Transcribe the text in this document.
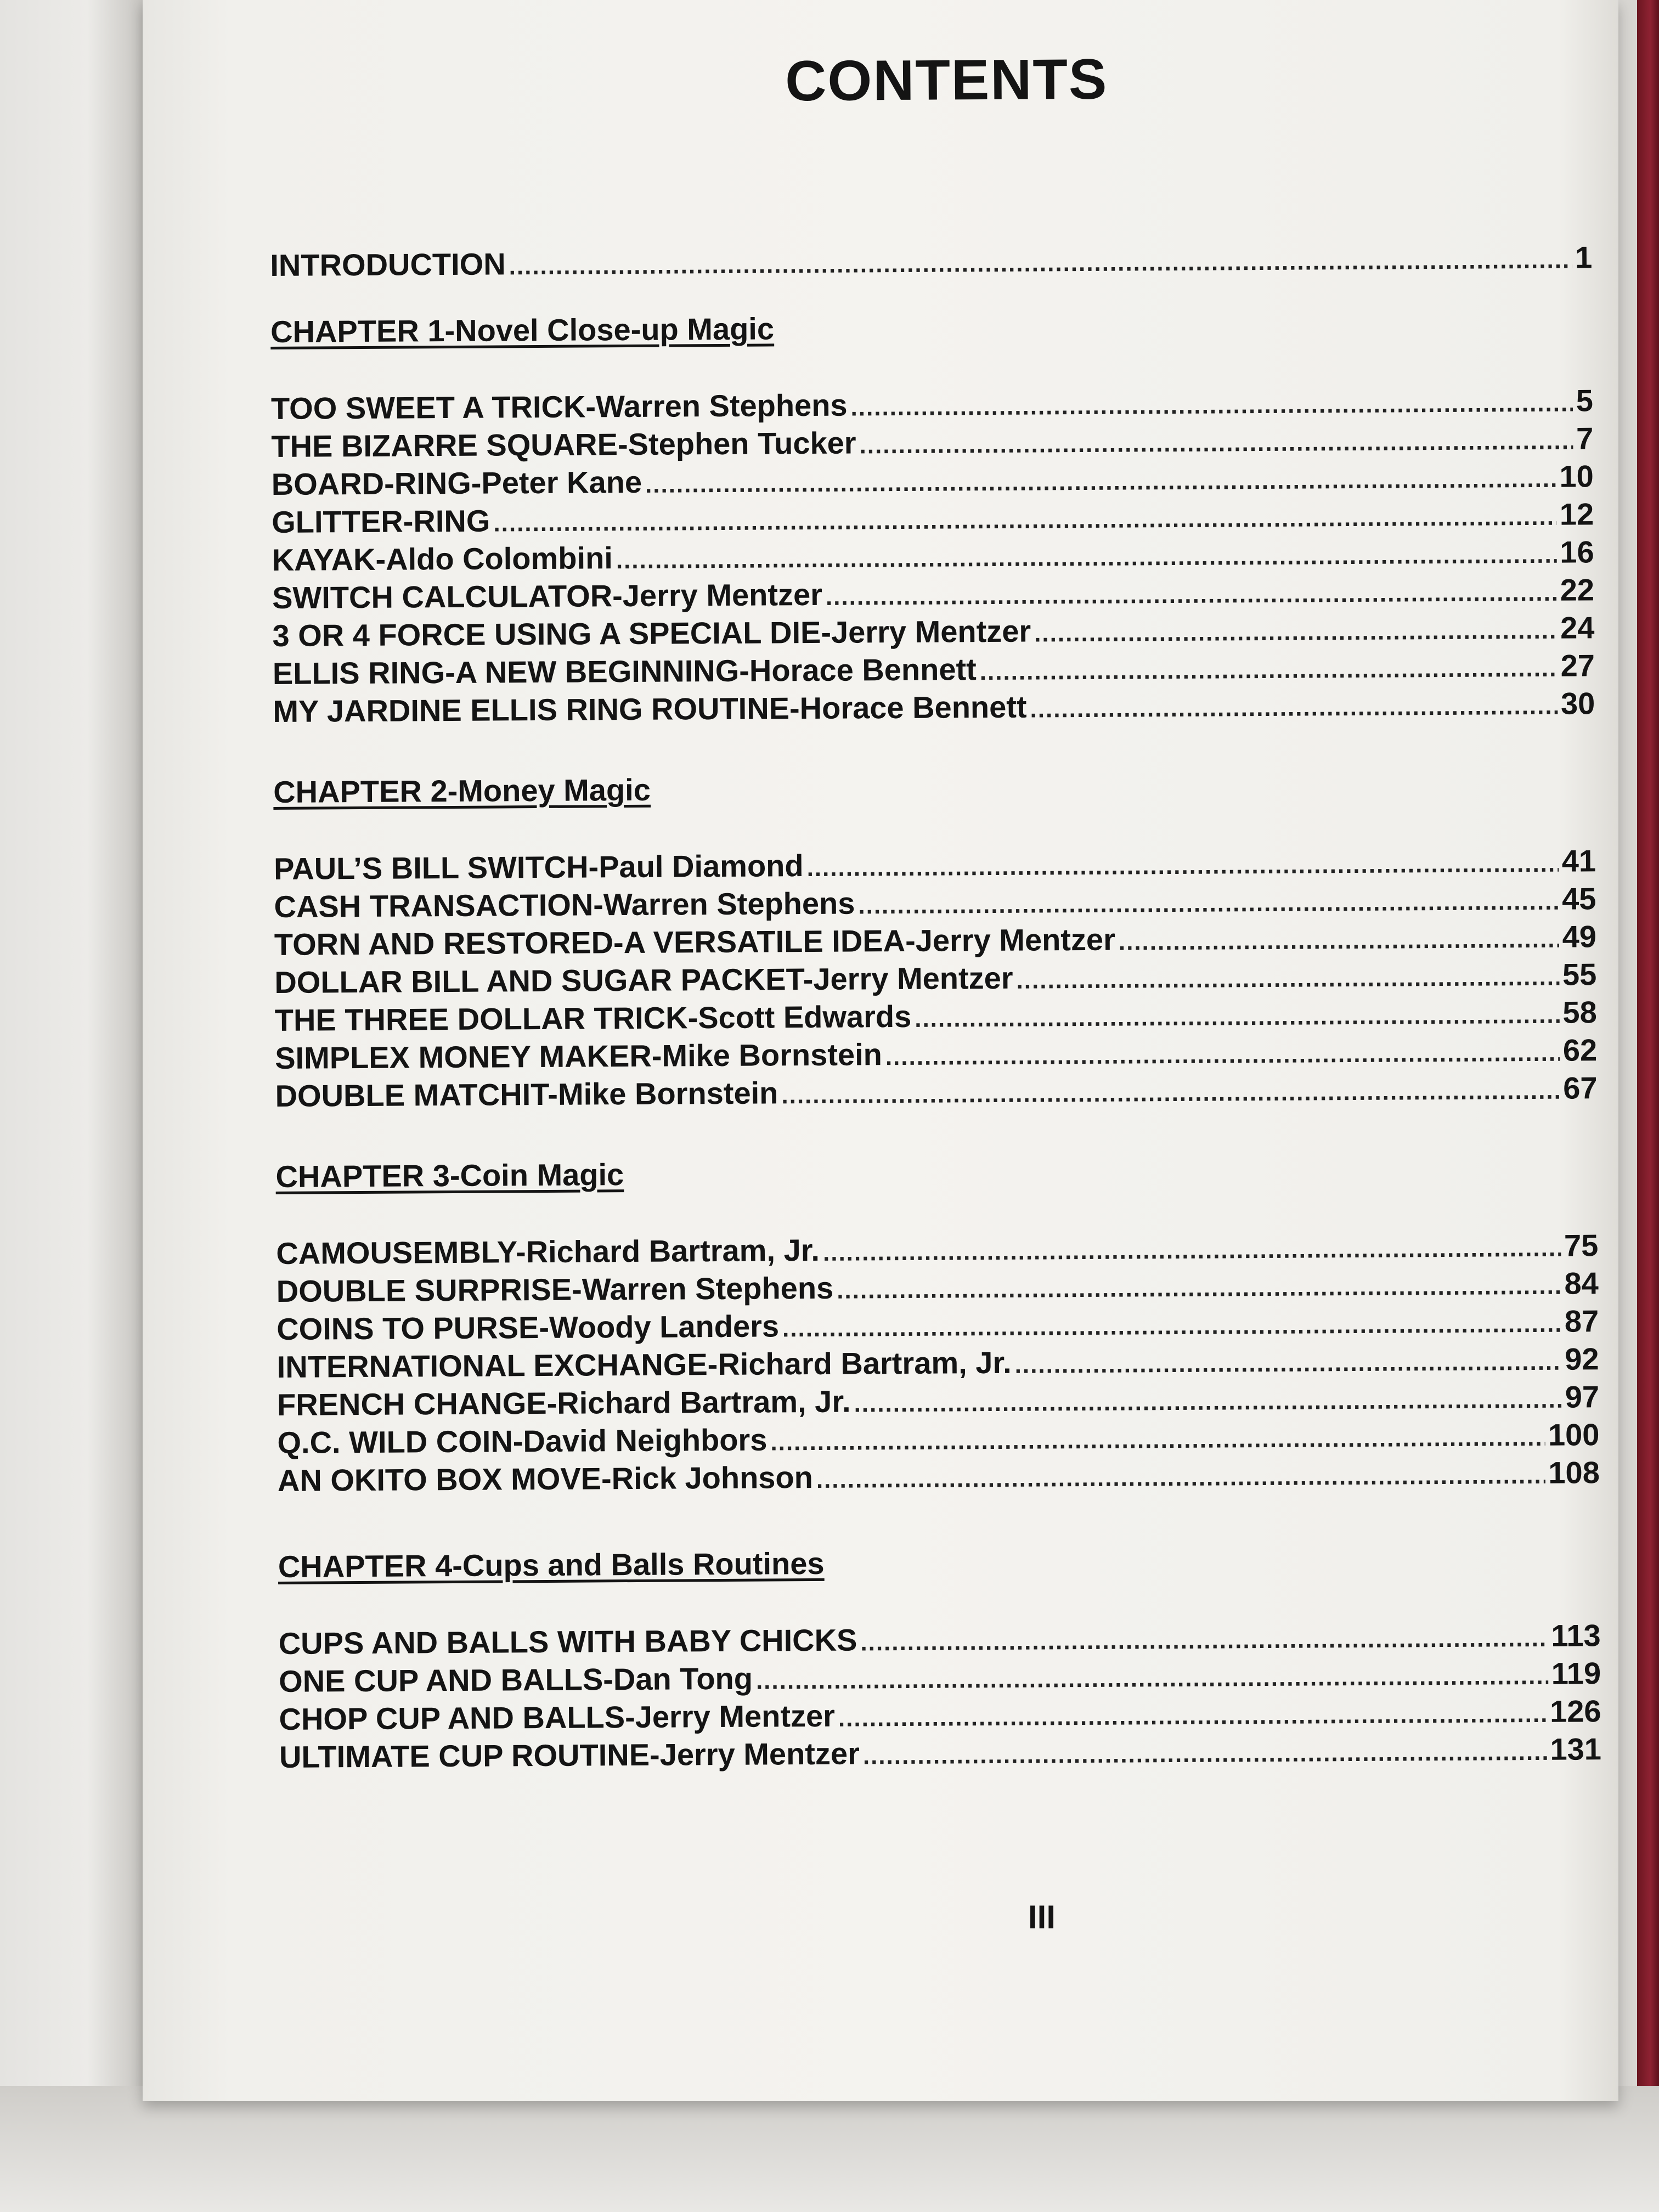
CONTENTS
INTRODUCTION .....	1
CHAPTER 1-Novel Close-up Magic
TOO SWEET A TRICK-Warren Stephens .....	5
THE BIZARRE SQUARE-Stephen Tucker .....	7
BOARD-RING-Peter Kane .....	10
GLITTER-RING .....	12
KAYAK-Aldo Colombini .....	16
SWITCH CALCULATOR-Jerry Mentzer .....	22
3 OR 4 FORCE USING A SPECIAL DIE-Jerry Mentzer .....	24
ELLIS RING-A NEW BEGINNING-Horace Bennett .....	27
MY JARDINE ELLIS RING ROUTINE-Horace Bennett .....	30
CHAPTER 2-Money Magic
PAUL’S BILL SWITCH-Paul Diamond .....	41
CASH TRANSACTION-Warren Stephens .....	45
TORN AND RESTORED-A VERSATILE IDEA-Jerry Mentzer .....	49
DOLLAR BILL AND SUGAR PACKET-Jerry Mentzer .....	55
THE THREE DOLLAR TRICK-Scott Edwards .....	58
SIMPLEX MONEY MAKER-Mike Bornstein .....	62
DOUBLE MATCHIT-Mike Bornstein .....	67
CHAPTER 3-Coin Magic
CAMOUSEMBLY-Richard Bartram, Jr. .....	75
DOUBLE SURPRISE-Warren Stephens .....	84
COINS TO PURSE-Woody Landers .....	87
INTERNATIONAL EXCHANGE-Richard Bartram, Jr. .....	92
FRENCH CHANGE-Richard Bartram, Jr. .....	97
Q.C. WILD COIN-David Neighbors .....	100
AN OKITO BOX MOVE-Rick Johnson .....	108
CHAPTER 4-Cups and Balls Routines
CUPS AND BALLS WITH BABY CHICKS .....	113
ONE CUP AND BALLS-Dan Tong .....	119
CHOP CUP AND BALLS-Jerry Mentzer .....	126
ULTIMATE CUP ROUTINE-Jerry Mentzer .....	131
III
